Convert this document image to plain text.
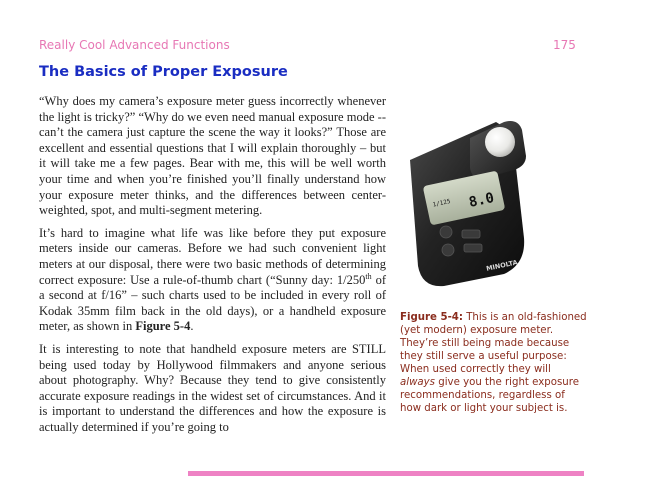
Really Cool Advanced Functions	175
The Basics of Proper Exposure

“Why does my camera’s exposure meter guess incorrectly whenever the light is tricky?” “Why do we even need manual exposure mode -- can’t the camera just capture the scene the way it looks?” Those are excellent and essential questions that I will explain thoroughly – but it will take me a few pages. Bear with me, this will be well worth your time and when you’re finished you’ll finally understand how your exposure meter thinks, and the differences between center-weighted, spot, and multi-segment metering.

It’s hard to imagine what life was like before they put exposure meters inside our cameras. Before we had such convenient light meters at our disposal, there were two basic methods of determining correct exposure: Use a rule-of-thumb chart (“Sunny day: 1/250th of a second at f/16” – such charts used to be included in every roll of Kodak 35mm film back in the old days), or a handheld exposure meter, as shown in Figure 5-4.

It is interesting to note that handheld exposure meters are STILL being used today by Hollywood filmmakers and anyone serious about photography. Why? Because they tend to give consistently accurate exposure readings in the widest set of circumstances. And it is important to understand the differences and how the exposure is actually determined if you’re going to

1/125 8.0
MINOLTA
Figure 5-4: This is an old-fashioned (yet modern) exposure meter. They’re still being made because they still serve a useful purpose: When used correctly they will always give you the right exposure recommendations, regardless of how dark or light your subject is.
